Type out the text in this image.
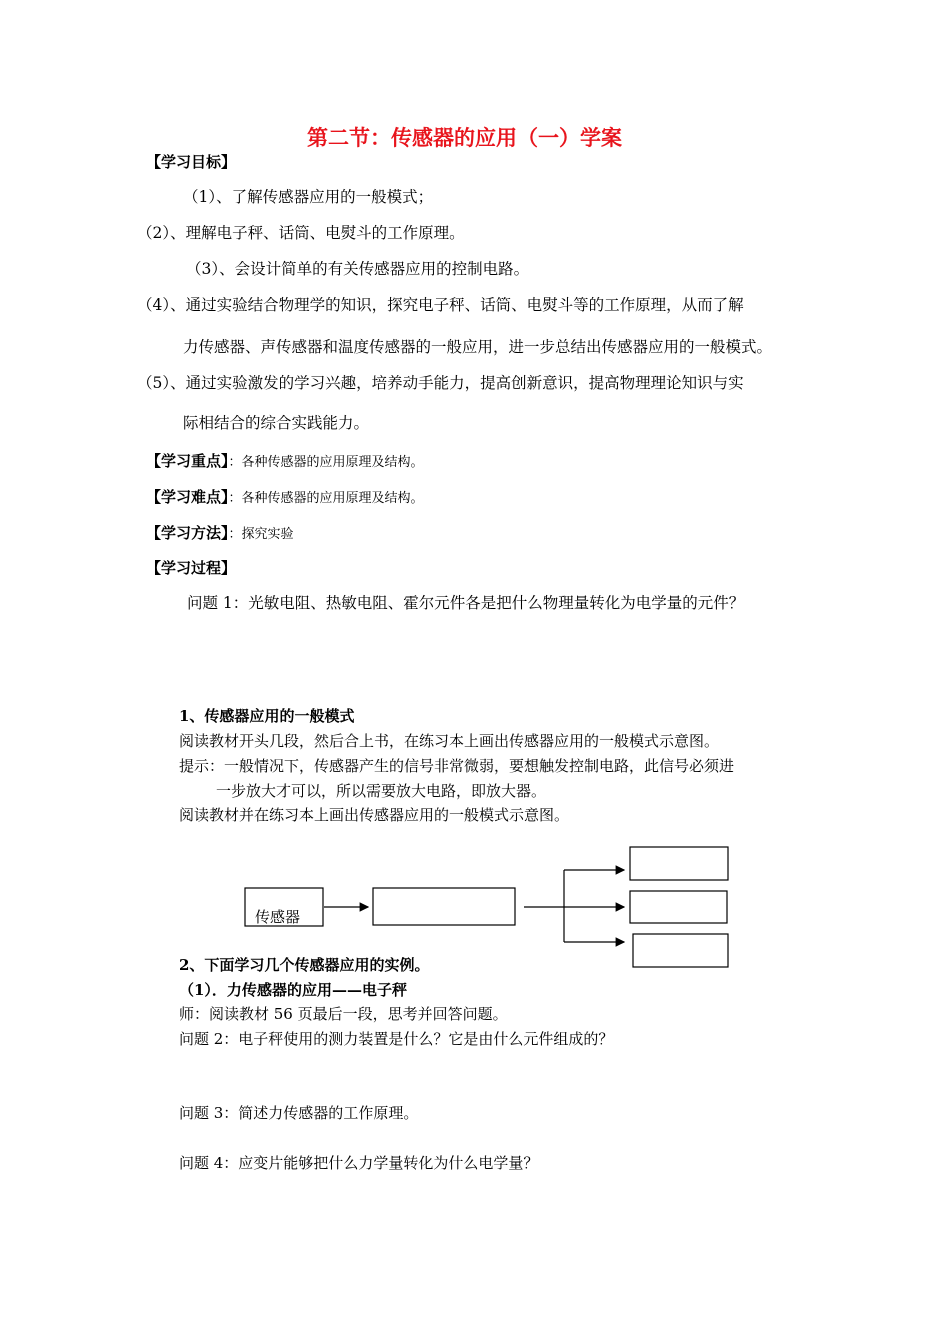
第二节：传感器的应用（一）学案
【学习目标】
（1）、了解传感器应用的一般模式；
（2）、理解电子秤、话筒、电熨斗的工作原理。
（3）、会设计简单的有关传感器应用的控制电路。
（4）、通过实验结合物理学的知识，探究电子秤、话筒、电熨斗等的工作原理，从而了解
力传感器、声传感器和温度传感器的一般应用，进一步总结出传感器应用的一般模式。
（5）、通过实验激发的学习兴趣，培养动手能力，提高创新意识，提高物理理论知识与实
际相结合的综合实践能力。
【学习重点】：各种传感器的应用原理及结构。
【学习难点】：各种传感器的应用原理及结构。
【学习方法】：探究实验
【学习过程】
问题 1：光敏电阻、热敏电阻、霍尔元件各是把什么物理量转化为电学量的元件？
1、传感器应用的一般模式
阅读教材开头几段，然后合上书，在练习本上画出传感器应用的一般模式示意图。
提示：一般情况下，传感器产生的信号非常微弱，要想触发控制电路，此信号必须进
一步放大才可以，所以需要放大电路，即放大器。
阅读教材并在练习本上画出传感器应用的一般模式示意图。
传感器
2、下面学习几个传感器应用的实例。
（1）．力传感器的应用——电子秤
师：阅读教材 56 页最后一段，思考并回答问题。
问题 2：电子秤使用的测力装置是什么？它是由什么元件组成的？
问题 3：简述力传感器的工作原理。
问题 4：应变片能够把什么力学量转化为什么电学量？
